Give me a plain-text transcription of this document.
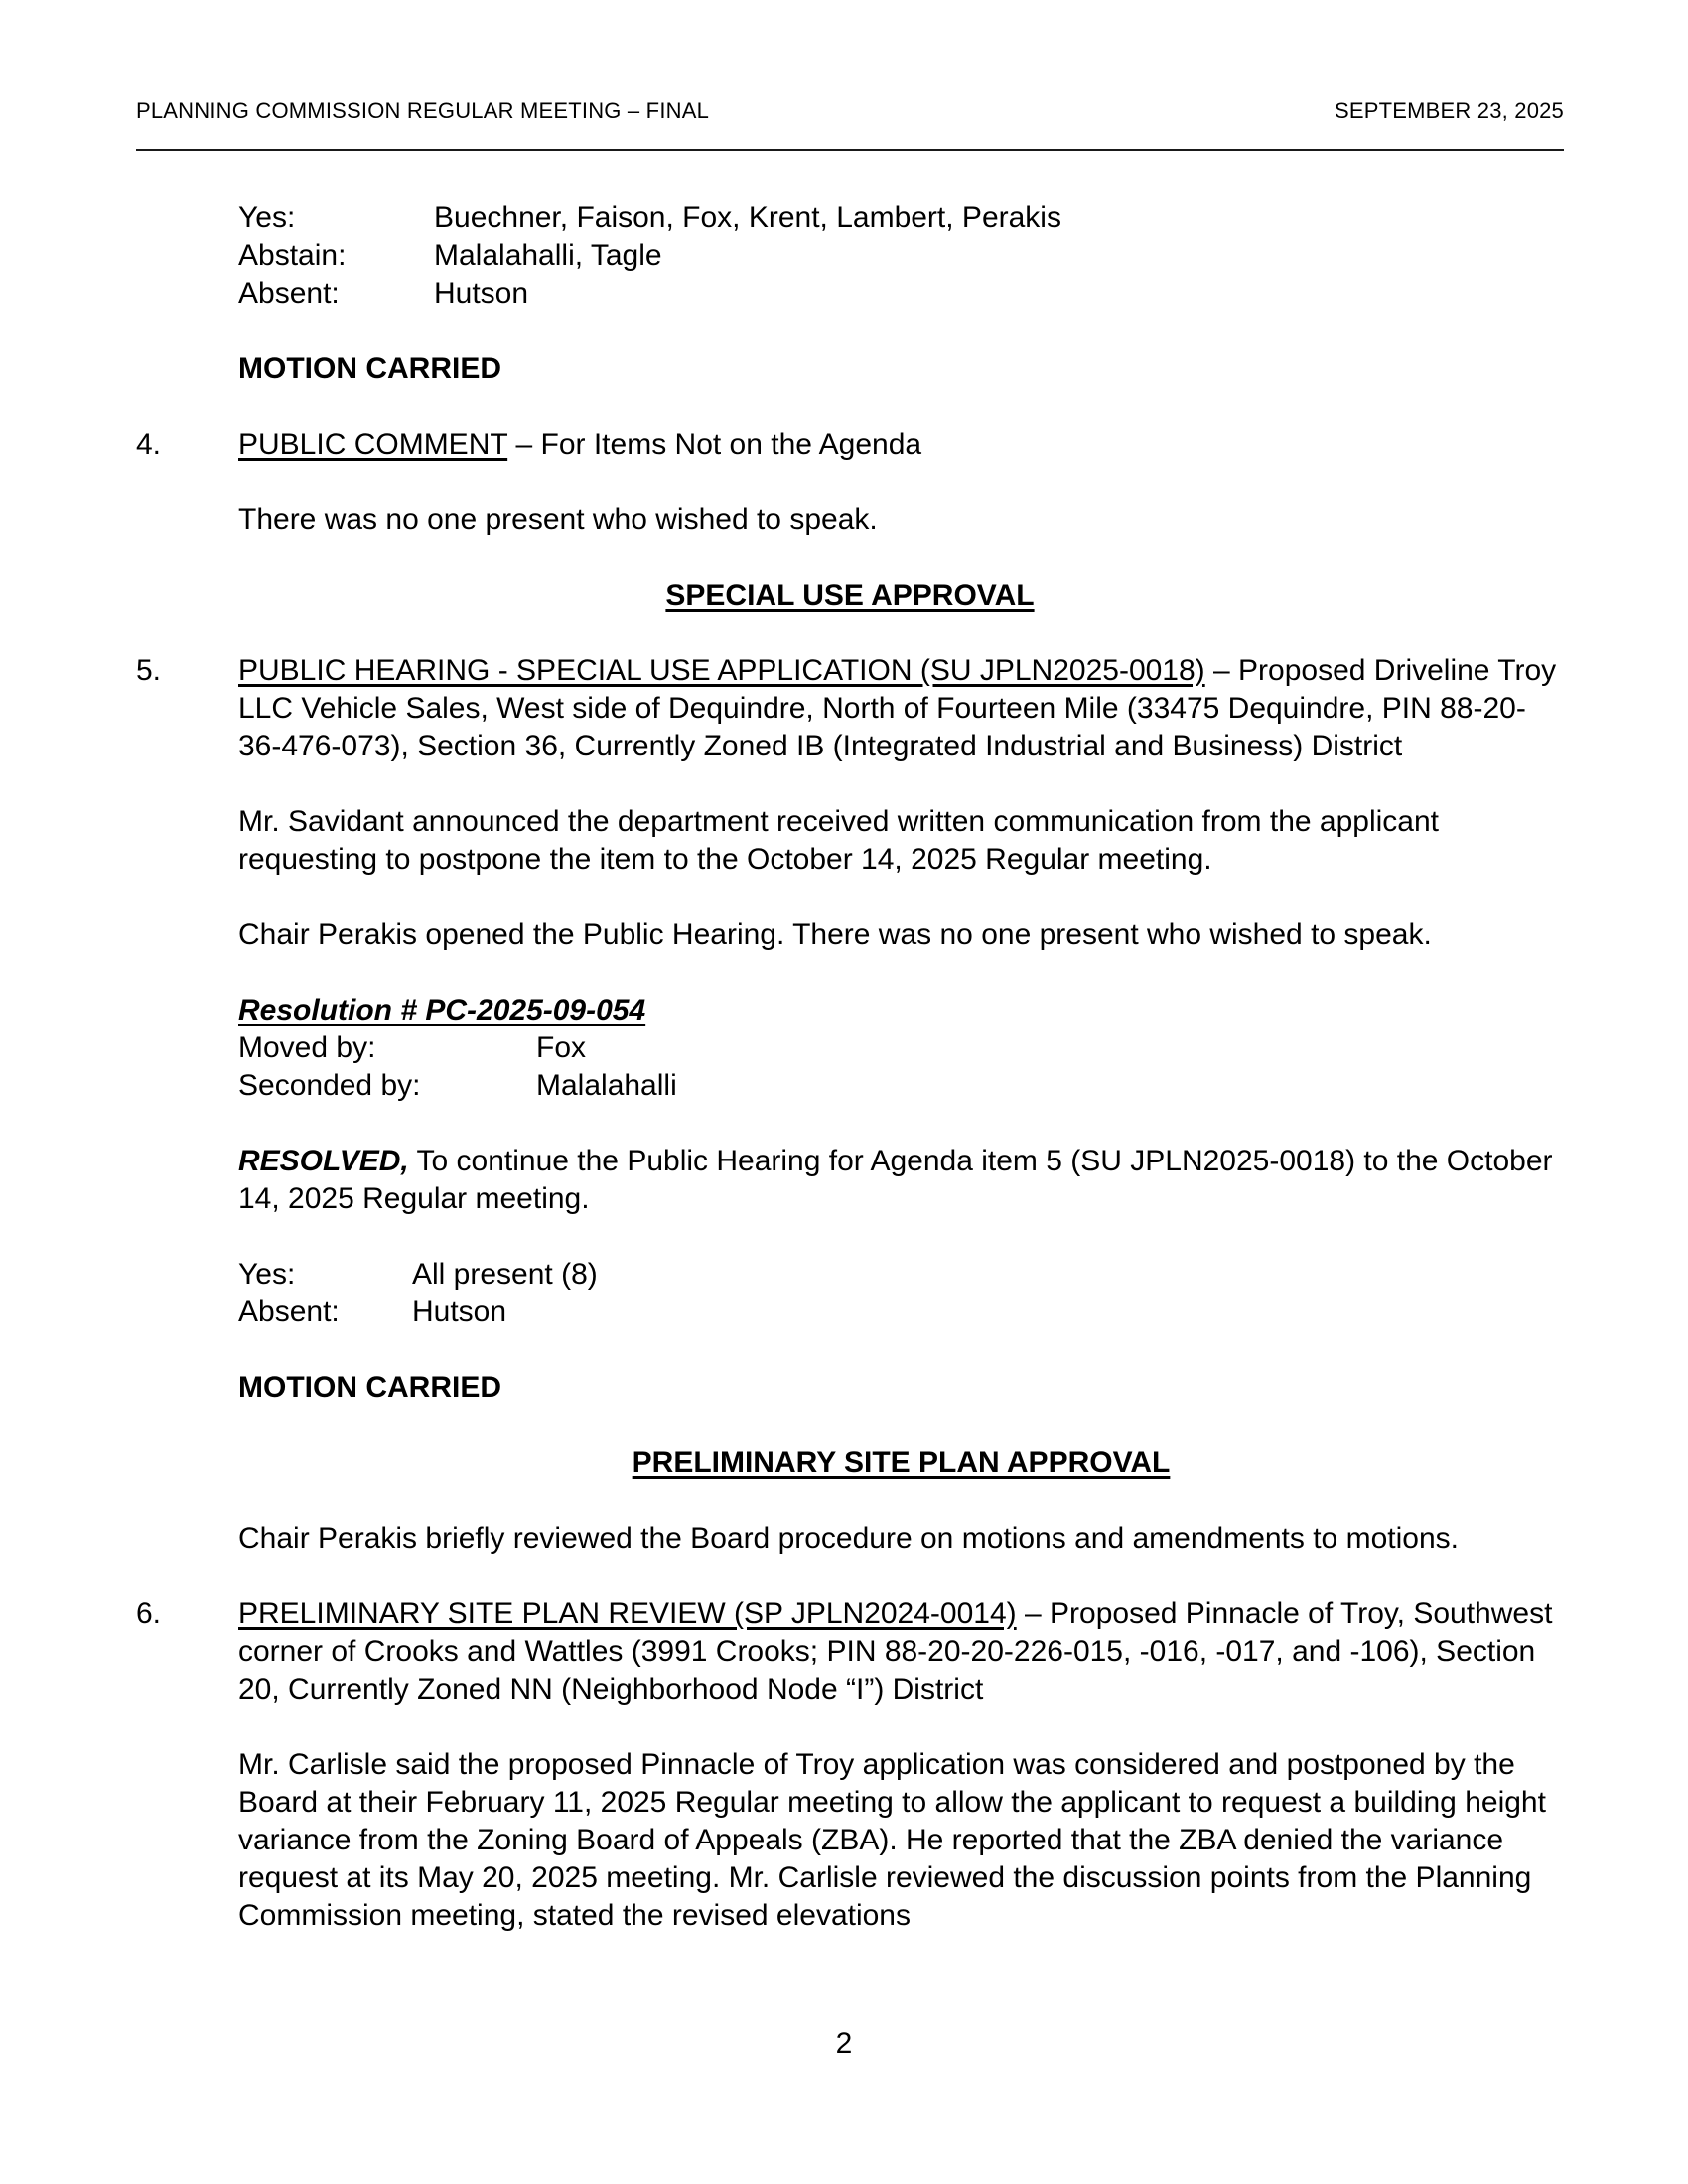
PLANNING COMMISSION REGULAR MEETING – FINAL	SEPTEMBER 23, 2025
Yes:	Buechner, Faison, Fox, Krent, Lambert, Perakis
Abstain:	Malalahalli, Tagle
Absent:	Hutson

MOTION CARRIED

4.	PUBLIC COMMENT – For Items Not on the Agenda

There was no one present who wished to speak.

SPECIAL USE APPROVAL
5.	PUBLIC HEARING - SPECIAL USE APPLICATION (SU JPLN2025-0018) – Proposed Driveline Troy LLC Vehicle Sales, West side of Dequindre, North of Fourteen Mile (33475 Dequindre, PIN 88-20-36-476-073), Section 36, Currently Zoned IB (Integrated Industrial and Business) District

Mr. Savidant announced the department received written communication from the applicant requesting to postpone the item to the October 14, 2025 Regular meeting.

Chair Perakis opened the Public Hearing. There was no one present who wished to speak.

Resolution # PC-2025-09-054
Moved by:	Fox
Seconded by:	Malalahalli

RESOLVED, To continue the Public Hearing for Agenda item 5 (SU JPLN2025-0018) to the October 14, 2025 Regular meeting.

Yes:	All present (8)
Absent:	Hutson

MOTION CARRIED

PRELIMINARY SITE PLAN APPROVAL

Chair Perakis briefly reviewed the Board procedure on motions and amendments to motions.

6.	PRELIMINARY SITE PLAN REVIEW (SP JPLN2024-0014) – Proposed Pinnacle of Troy, Southwest corner of Crooks and Wattles (3991 Crooks; PIN 88-20-20-226-015, -016, -017, and -106), Section 20, Currently Zoned NN (Neighborhood Node “I”) District

Mr. Carlisle said the proposed Pinnacle of Troy application was considered and postponed by the Board at their February 11, 2025 Regular meeting to allow the applicant to request a building height variance from the Zoning Board of Appeals (ZBA). He reported that the ZBA denied the variance request at its May 20, 2025 meeting. Mr. Carlisle reviewed the discussion points from the Planning Commission meeting, stated the revised elevations

2
